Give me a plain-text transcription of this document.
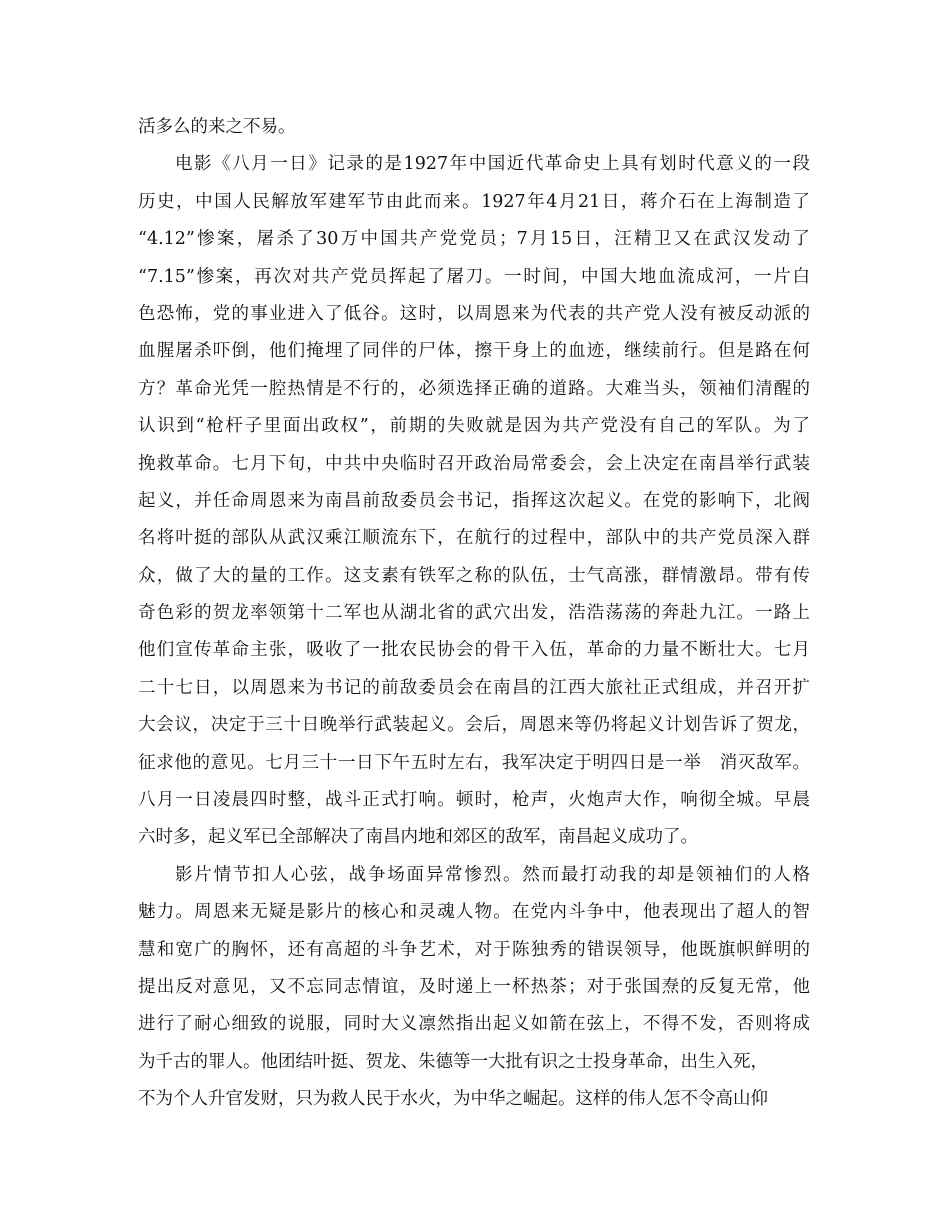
活多么的来之不易。
电影《八月一日》记录的是1927年中国近代革命史上具有划时代意义的一段
历史，中国人民解放军建军节由此而来。1927年4月21日，蒋介石在上海制造了
“4.12”惨案，屠杀了30万中国共产党党员；7月15日，汪精卫又在武汉发动了
“7.15”惨案，再次对共产党员挥起了屠刀。一时间，中国大地血流成河，一片白
色恐怖，党的事业进入了低谷。这时，以周恩来为代表的共产党人没有被反动派的
血腥屠杀吓倒，他们掩埋了同伴的尸体，擦干身上的血迹，继续前行。但是路在何
方？革命光凭一腔热情是不行的，必须选择正确的道路。大难当头，领袖们清醒的
认识到“枪杆子里面出政权”，前期的失败就是因为共产党没有自己的军队。为了
挽救革命。七月下旬，中共中央临时召开政治局常委会，会上决定在南昌举行武装
起义，并任命周恩来为南昌前敌委员会书记，指挥这次起义。在党的影响下，北阀
名将叶挺的部队从武汉乘江顺流东下，在航行的过程中，部队中的共产党员深入群
众，做了大的量的工作。这支素有铁军之称的队伍，士气高涨，群情激昂。带有传
奇色彩的贺龙率领第十二军也从湖北省的武穴出发，浩浩荡荡的奔赴九江。一路上
他们宣传革命主张，吸收了一批农民协会的骨干入伍，革命的力量不断壮大。七月
二十七日，以周恩来为书记的前敌委员会在南昌的江西大旅社正式组成，并召开扩
大会议，决定于三十日晚举行武装起义。会后，周恩来等仍将起义计划告诉了贺龙，
征求他的意见。七月三十一日下午五时左右，我军决定于明四日是一举　消灭敌军。
八月一日凌晨四时整，战斗正式打响。顿时，枪声，火炮声大作，响彻全城。早晨
六时多，起义军已全部解决了南昌内地和郊区的敌军，南昌起义成功了。
影片情节扣人心弦，战争场面异常惨烈。然而最打动我的却是领袖们的人格
魅力。周恩来无疑是影片的核心和灵魂人物。在党内斗争中，他表现出了超人的智
慧和宽广的胸怀，还有高超的斗争艺术，对于陈独秀的错误领导，他既旗帜鲜明的
提出反对意见，又不忘同志情谊，及时递上一杯热茶；对于张国焘的反复无常，他
进行了耐心细致的说服，同时大义凛然指出起义如箭在弦上，不得不发，否则将成
为千古的罪人。他团结叶挺、贺龙、朱德等一大批有识之士投身革命，出生入死，
不为个人升官发财，只为救人民于水火，为中华之崛起。这样的伟人怎不令高山仰
